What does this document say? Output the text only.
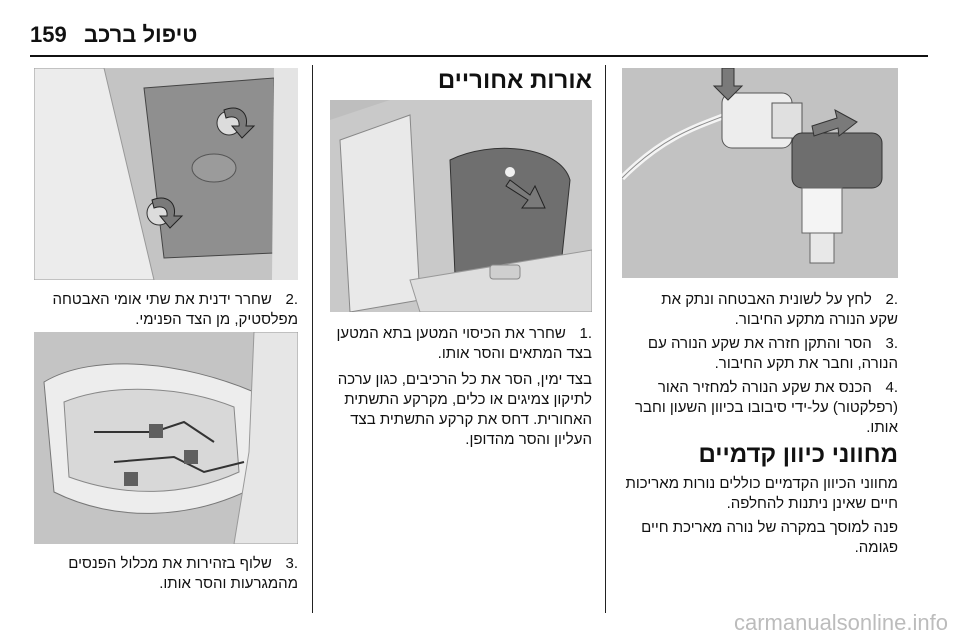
159 טיפול ברכב
.2 לחץ על לשונית האבטחה ונתק את שקע הנורה מתקע החיבור.
.3 הסר והתקן חזרה את שקע הנורה עם הנורה, וחבר את תקע החיבור.
.4 הכנס את שקע הנורה למחזיר האור (רפלקטור) על-ידי סיבובו בכיוון השעון וחבר אותו.
מחווני כיוון קדמיים
מחווני הכיוון הקדמיים כוללים נורות מאריכות חיים שאינן ניתנות להחלפה.
פנה למוסך במקרה של נורה מאריכת חיים פגומה.
אורות אחוריים
.1 שחרר את הכיסוי המטען בתא המטען בצד המתאים והסר אותו.
בצד ימין, הסר את כל הרכיבים, כגון ערכה לתיקון צמיגים או כלים, מקרקע התשתית האחורית. דחס את קרקע התשתית בצד העליון והסר מהדופן.
.2 שחרר ידנית את שתי אומי האבטחה מפלסטיק, מן הצד הפנימי.
.3 שלוף בזהירות את מכלול הפנסים מהמגרעות והסר אותו.
carmanualsonline.info
